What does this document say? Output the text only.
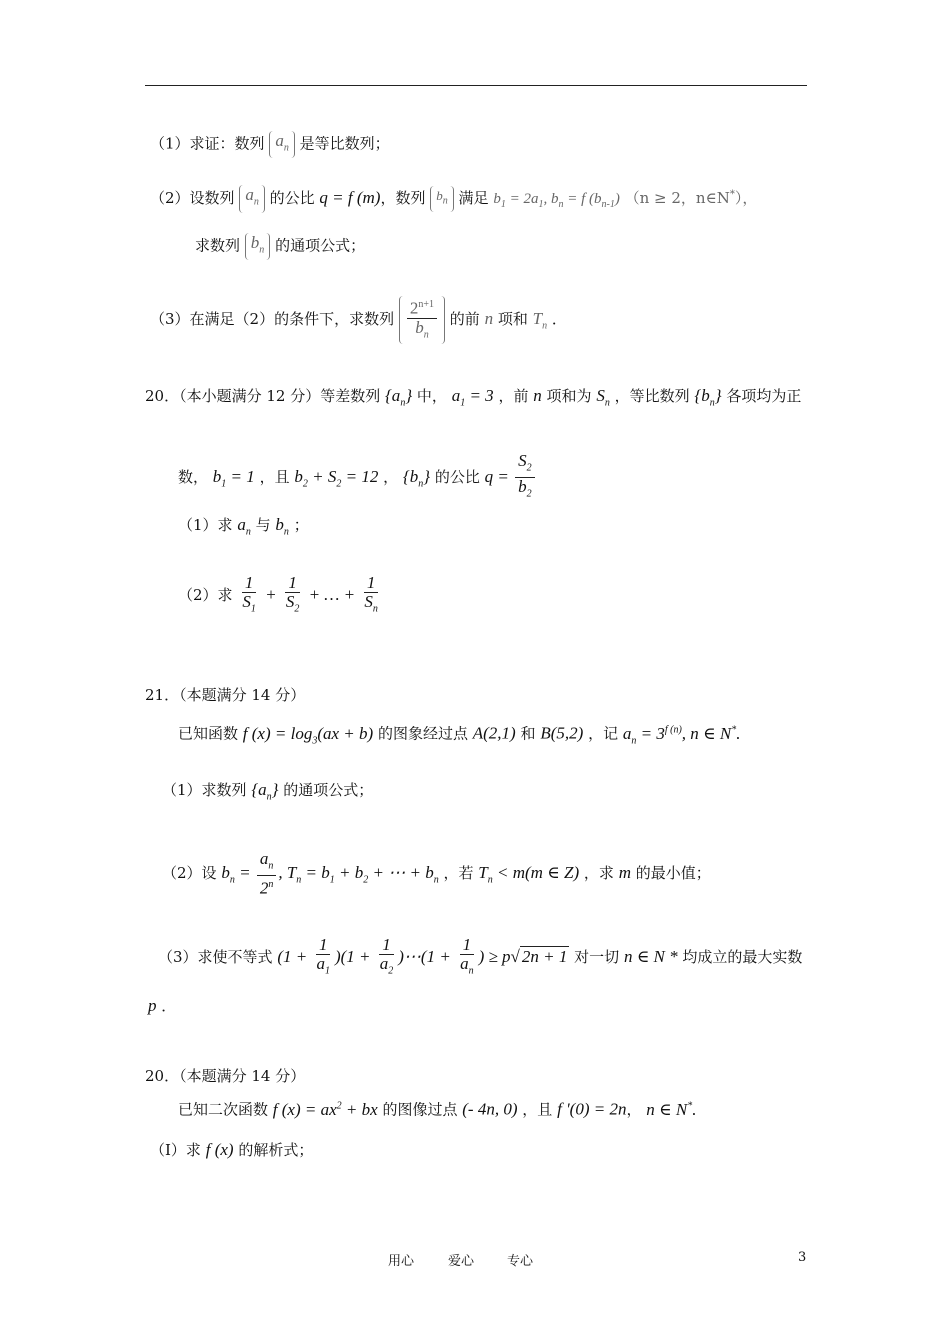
（1）求证：数列 $a_n$ 是等比数列；
（2）设数列 $a_n$ 的公比 q = f (m)，数列 $b_n$ 满足 $b_1 = 2a_1$, $b_n = f$ $(b_{n-1}) (n \ge 2$，n∈N*），
求数列 $b_n$ 的通项公式；
（3）在满足（2）的条件下，求数列 $\frac{2^{n+1}}{b_n}$ 的前 n 项和 $T_n$ ．
20．（本小题满分 12 分）等差数列 $\{a_n\}$ 中， $a_1 = 3$ ，前 n 项和为 $S_n$ ，等比数列 $\{b_n\}$ 各项均为正
数， $b_1 = 1$ ，且 $b_2 + S_2 = 12$ ， $\{b_n\}$ 的公比 $q = \frac{S_2}{b_2}$
（1）求 $a_n$ 与 $b_n$ ；
（2）求 $\frac{1}{S_1} + \frac{1}{S_2}$ + … + $\frac{1}{S_n}$
21．（本题满分 14 分）
已知函数 f $(x) = \log_3(ax + b)$ 的图象经过点 A(2,1) 和 B(5,2) ，记 $a_n = 3^{f (n)}$, n ∈ N*.
（1）求数列 $\{a_n\}$ 的通项公式；
（2）设 $b_n = \frac{a_n}{2^n}$ , $T_n = b_1 + b_2$ + ⋯ + $b_n$ ，若 $T_n < m(m$ ∈ Z) ，求 m 的最小值；
（3）求使不等式 $(1 + \frac{1}{a_1} )(1 + \frac{1}{a_2}$ )⋯(1 + $\frac{1}{a_n}$ ) ≥ p√ 2n + 1 对一切 n ∈ N * 均成立的最大实数
p ．
20．（本题满分 14 分）
已知二次函数 f $(x) = ax^2$ + bx 的图像过点 (- 4n, 0) ，且 f '(0) = 2n， n ∈ N*.
（Ⅰ）求 f (x) 的解析式；
用心	爱心	专心	3
